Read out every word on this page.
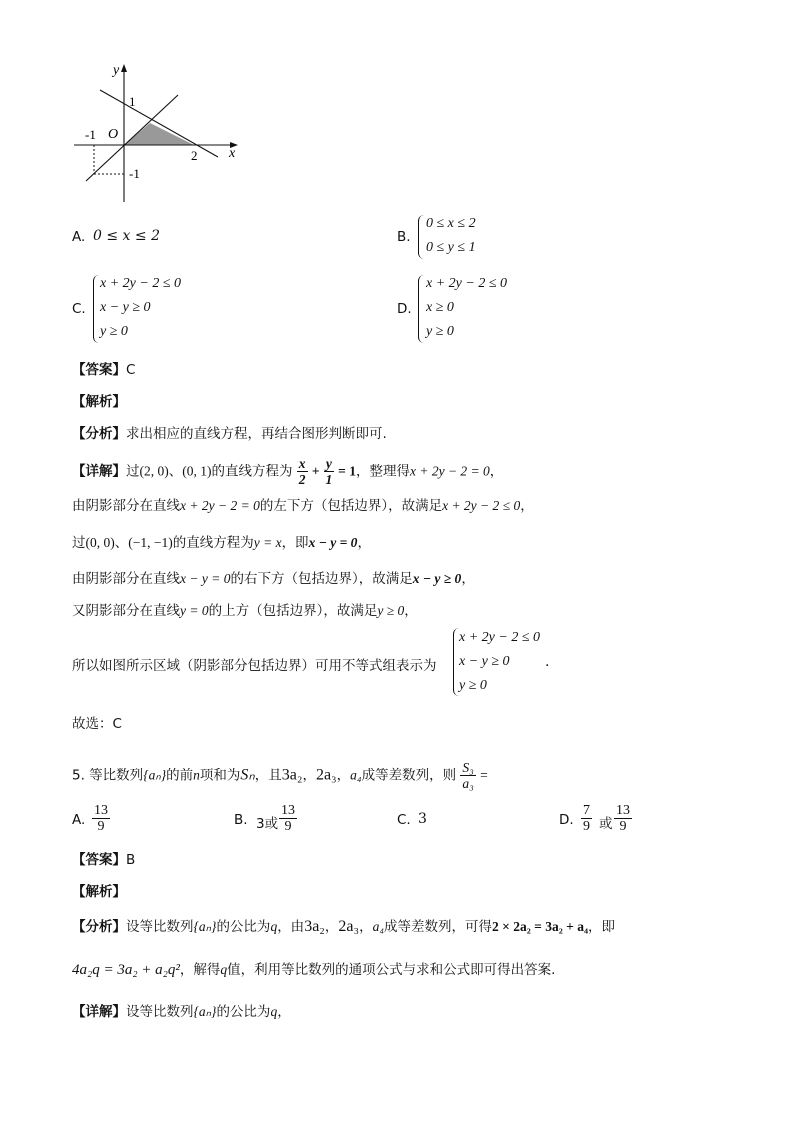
y
x
O
1
2
-1
-1
A. 0 ≤ x ≤ 2	B.
0 ≤ x ≤ 2
0 ≤ y ≤ 1
C.
x + 2y − 2 ≤ 0
x − y ≥ 0
y ≥ 0
D.
x + 2y − 2 ≤ 0
x ≥ 0
y ≥ 0
【答案】C
【解析】
【分析】求出相应的直线方程，再结合图形判断即可.
【详解】过(2, 0)、(0, 1)的直线方程为 $\frac{x}{2} + \frac{y}{1} = 1$，整理得x + 2y − 2 = 0，
由阴影部分在直线x + 2y − 2 = 0的左下方（包括边界），故满足x + 2y − 2 ≤ 0，
过(0, 0)、(−1, −1)的直线方程为y = x，即x − y = 0，
由阴影部分在直线x − y = 0的右下方（包括边界），故满足x − y ≥ 0，
又阴影部分在直线y = 0的上方（包括边界），故满足y ≥ 0，
所以如图所示区域（阴影部分包括边界）可用不等式组表示为
x + 2y − 2 ≤ 0
x − y ≥ 0
y ≥ 0
.
故选：C
5. 等比数列{aₙ}的前n项和为Sₙ，且3a₂，2a₃，a₄成等差数列，则 $\frac{\text{S₃}}{\text{a₃}}$ =
A. $\frac{13}{9}$	B. 3或 $\frac{13}{9}$	C. 3	D. $\frac{7}{9}$ 或 $\frac{13}{9}$
【答案】B
【解析】
【分析】设等比数列{aₙ}的公比为q，由3a₂，2a₃，a₄成等差数列，可得2 × 2a₂ = 3a₂ + a₄，即
4a₂q = 3a₂ + a₂q²，解得q值，利用等比数列的通项公式与求和公式即可得出答案.
【详解】设等比数列{aₙ}的公比为q，
